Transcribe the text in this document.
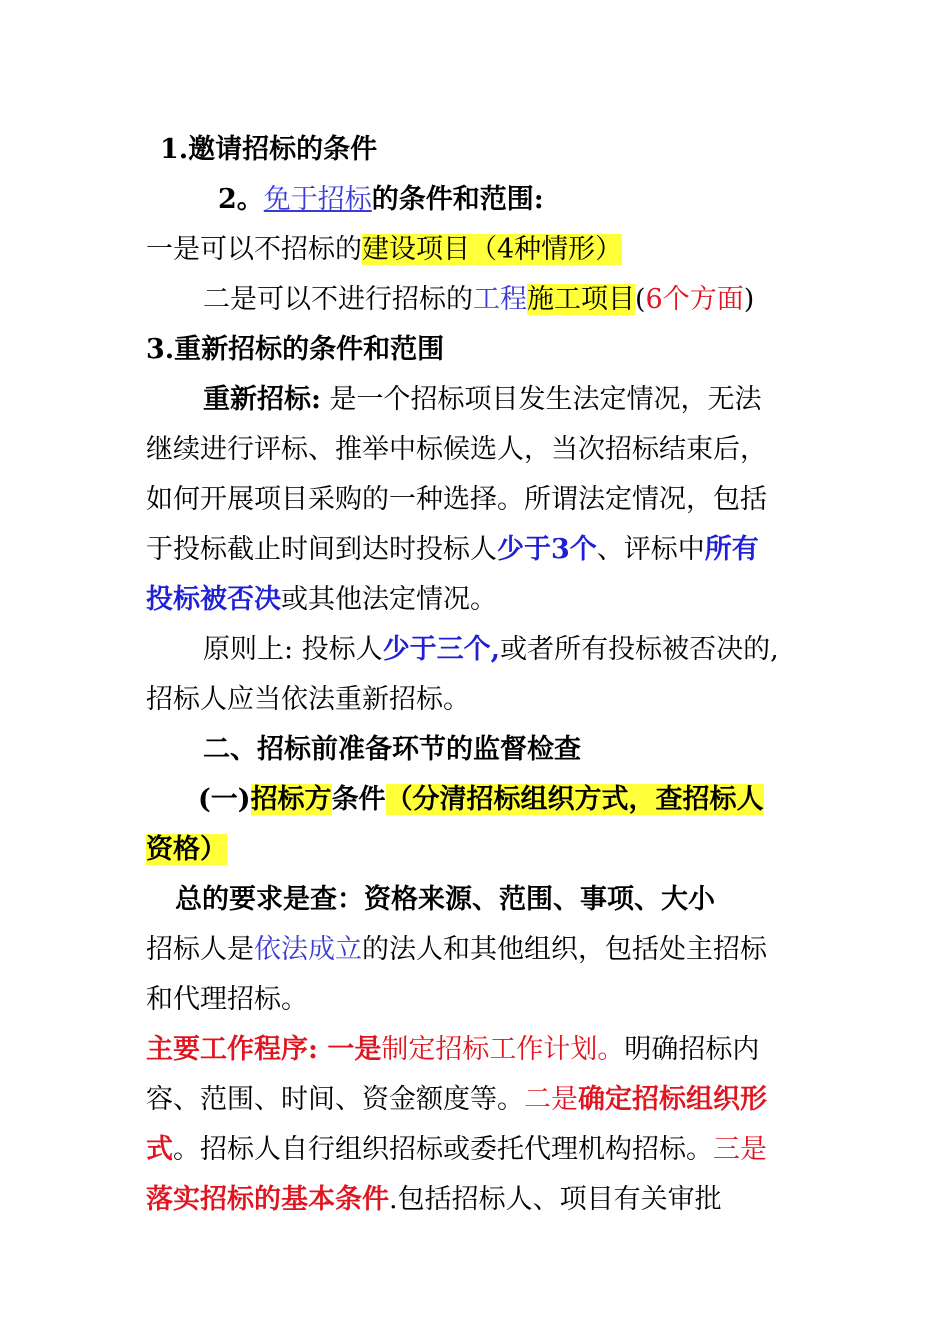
1.邀请招标的条件
2。免于招标的条件和范围:
一是可以不招标的建设项目（4种情形）
二是可以不进行招标的工程施工项目(6个方面)
3.重新招标的条件和范围
重新招标: 是一个招标项目发生法定情况，无法
继续进行评标、推举中标候选人，当次招标结束后，
如何开展项目采购的一种选择。所谓法定情况，包括
于投标截止时间到达时投标人少于3个、评标中所有
投标被否决或其他法定情况。
原则上: 投标人少于三个,或者所有投标被否决的,
招标人应当依法重新招标。
二、招标前准备环节的监督检查
(一)招标方条件（分清招标组织方式，查招标人
资格）
总的要求是查：资格来源、范围、事项、大小
招标人是依法成立的法人和其他组织，包括处主招标
和代理招标。
主要工作程序: 一是制定招标工作计划。明确招标内
容、范围、时间、资金额度等。二是确定招标组织形
式。招标人自行组织招标或委托代理机构招标。三是
落实招标的基本条件.包括招标人、项目有关审批
